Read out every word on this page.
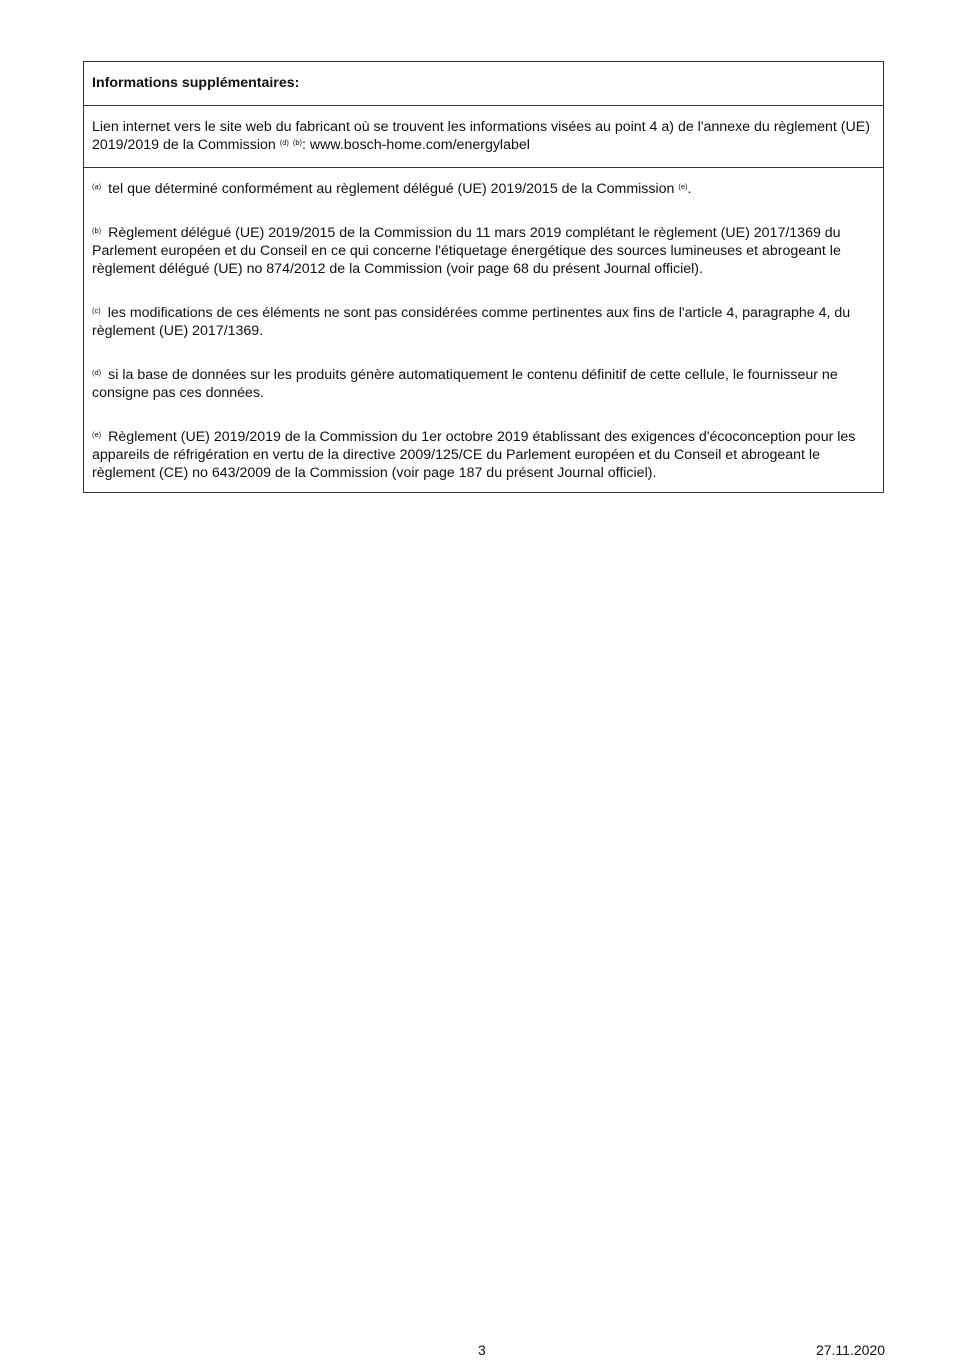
Informations supplémentaires:
Lien internet vers le site web du fabricant où se trouvent les informations visées au point 4 a) de l'annexe du règlement (UE) 2019/2019 de la Commission $^{(d)}$ $^{(b)}$: www.bosch-home.com/energylabel

$^{(a)}$ tel que déterminé conformément au règlement délégué (UE) 2019/2015 de la Commission $^{(e)}$.

$^{(b)}$ Règlement délégué (UE) 2019/2015 de la Commission du 11 mars 2019 complétant le règlement (UE) 2017/1369 du Parlement européen et du Conseil en ce qui concerne l'étiquetage énergétique des sources lumineuses et abrogeant le règlement délégué (UE) no 874/2012 de la Commission (voir page 68 du présent Journal officiel).

$^{(c)}$ les modifications de ces éléments ne sont pas considérées comme pertinentes aux fins de l'article 4, paragraphe 4, du règlement (UE) 2017/1369.

$^{(d)}$ si la base de données sur les produits génère automatiquement le contenu définitif de cette cellule, le fournisseur ne consigne pas ces données.

$^{(e)}$ Règlement (UE) 2019/2019 de la Commission du 1er octobre 2019 établissant des exigences d'écoconception pour les appareils de réfrigération en vertu de la directive 2009/125/CE du Parlement européen et du Conseil et abrogeant le règlement (CE) no 643/2009 de la Commission (voir page 187 du présent Journal officiel).

3	27.11.2020
